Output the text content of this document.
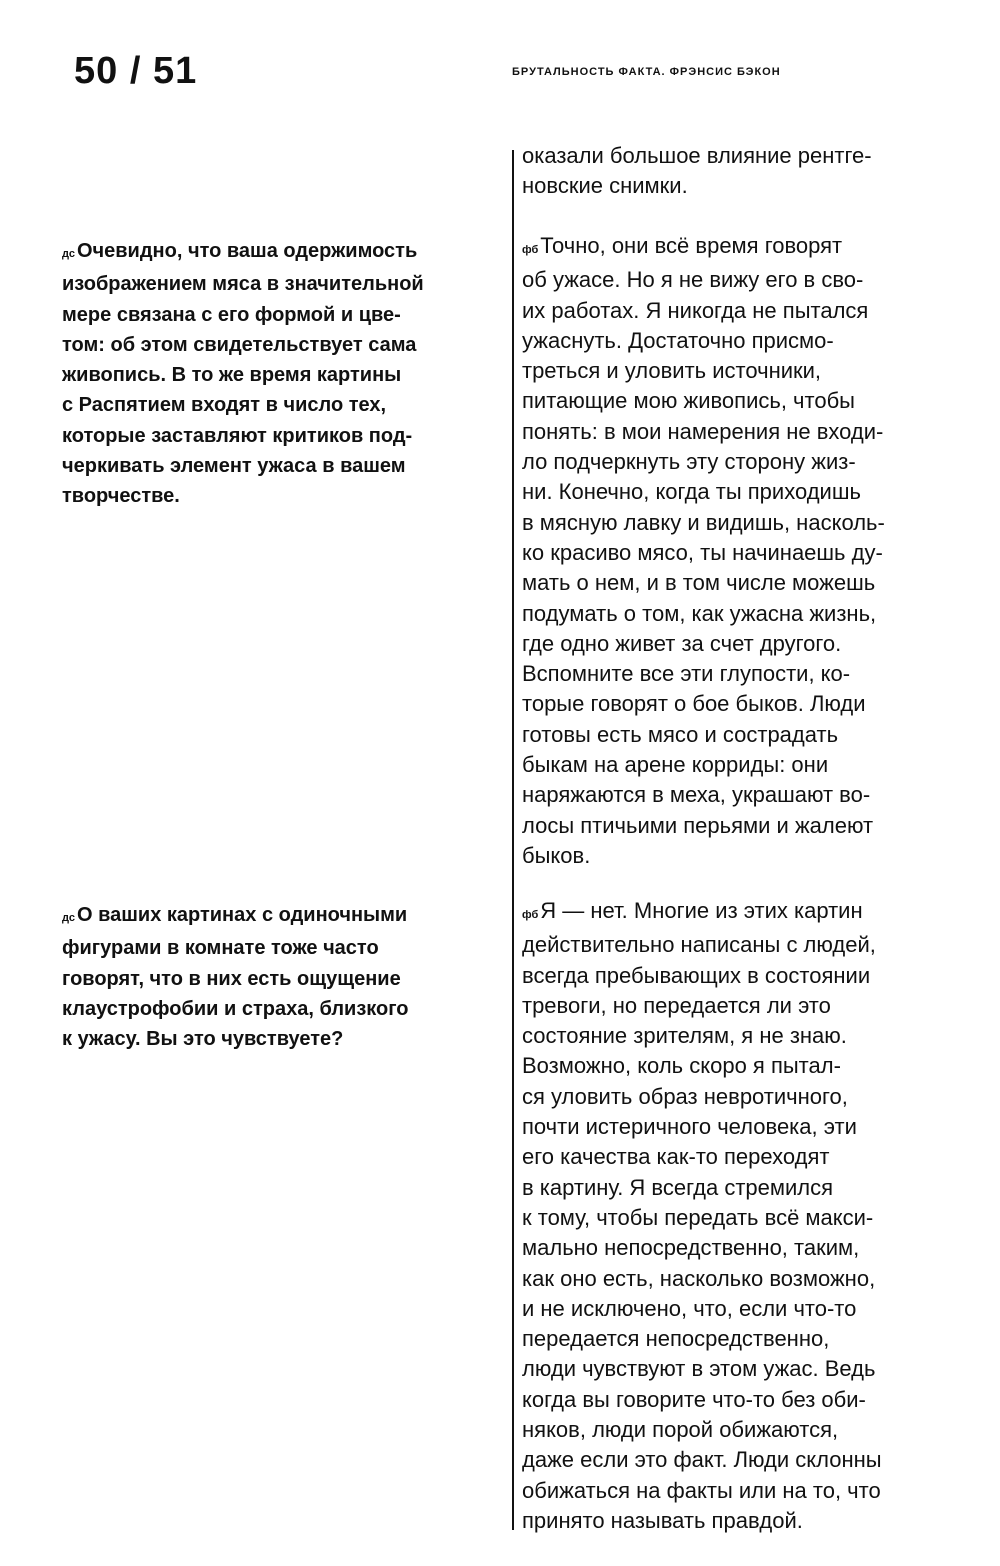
50 / 51	БРУТАЛЬНОСТЬ ФАКТА. ФРЭНСИС БЭКОН
оказали большое влияние рентге-
новские снимки.
дс Очевидно, что ваша одержимость
изображением мяса в значительной
мере связана с его формой и цве-
том: об этом свидетельствует сама
живопись. В то же время картины
с Распятием входят в число тех,
которые заставляют критиков под-
черкивать элемент ужаса в вашем
творчестве.
фбТочно, они всё время говорят
об ужасе. Но я не вижу его в сво-
их работах. Я никогда не пытался
ужаснуть. Достаточно присмо-
треться и уловить источники,
питающие мою живопись, чтобы
понять: в мои намерения не входи-
ло подчеркнуть эту сторону жиз-
ни. Конечно, когда ты приходишь
в мясную лавку и видишь, насколь-
ко красиво мясо, ты начинаешь ду-
мать о нем, и в том числе можешь
подумать о том, как ужасна жизнь,
где одно живет за счет другого.
Вспомните все эти глупости, ко-
торые говорят о бое быков. Люди
готовы есть мясо и сострадать
быкам на арене корриды: они
наряжаются в меха, украшают во-
лосы птичьими перьями и жалеют
быков.
дс О ваших картинах с одиночными
фигурами в комнате тоже часто
говорят, что в них есть ощущение
клаустрофобии и страха, близкого
к ужасу. Вы это чувствуете?
фбЯ — нет. Многие из этих картин
действительно написаны с людей,
всегда пребывающих в состоянии
тревоги, но передается ли это
состояние зрителям, я не знаю.
Возможно, коль скоро я пытал-
ся уловить образ невротичного,
почти истеричного человека, эти
его качества как-то переходят
в картину. Я всегда стремился
к тому, чтобы передать всё макси-
мально непосредственно, таким,
как оно есть, насколько возможно,
и не исключено, что, если что-то
передается непосредственно,
люди чувствуют в этом ужас. Ведь
когда вы говорите что-то без оби-
няков, люди порой обижаются,
даже если это факт. Люди склонны
обижаться на факты или на то, что
принято называть правдой.
